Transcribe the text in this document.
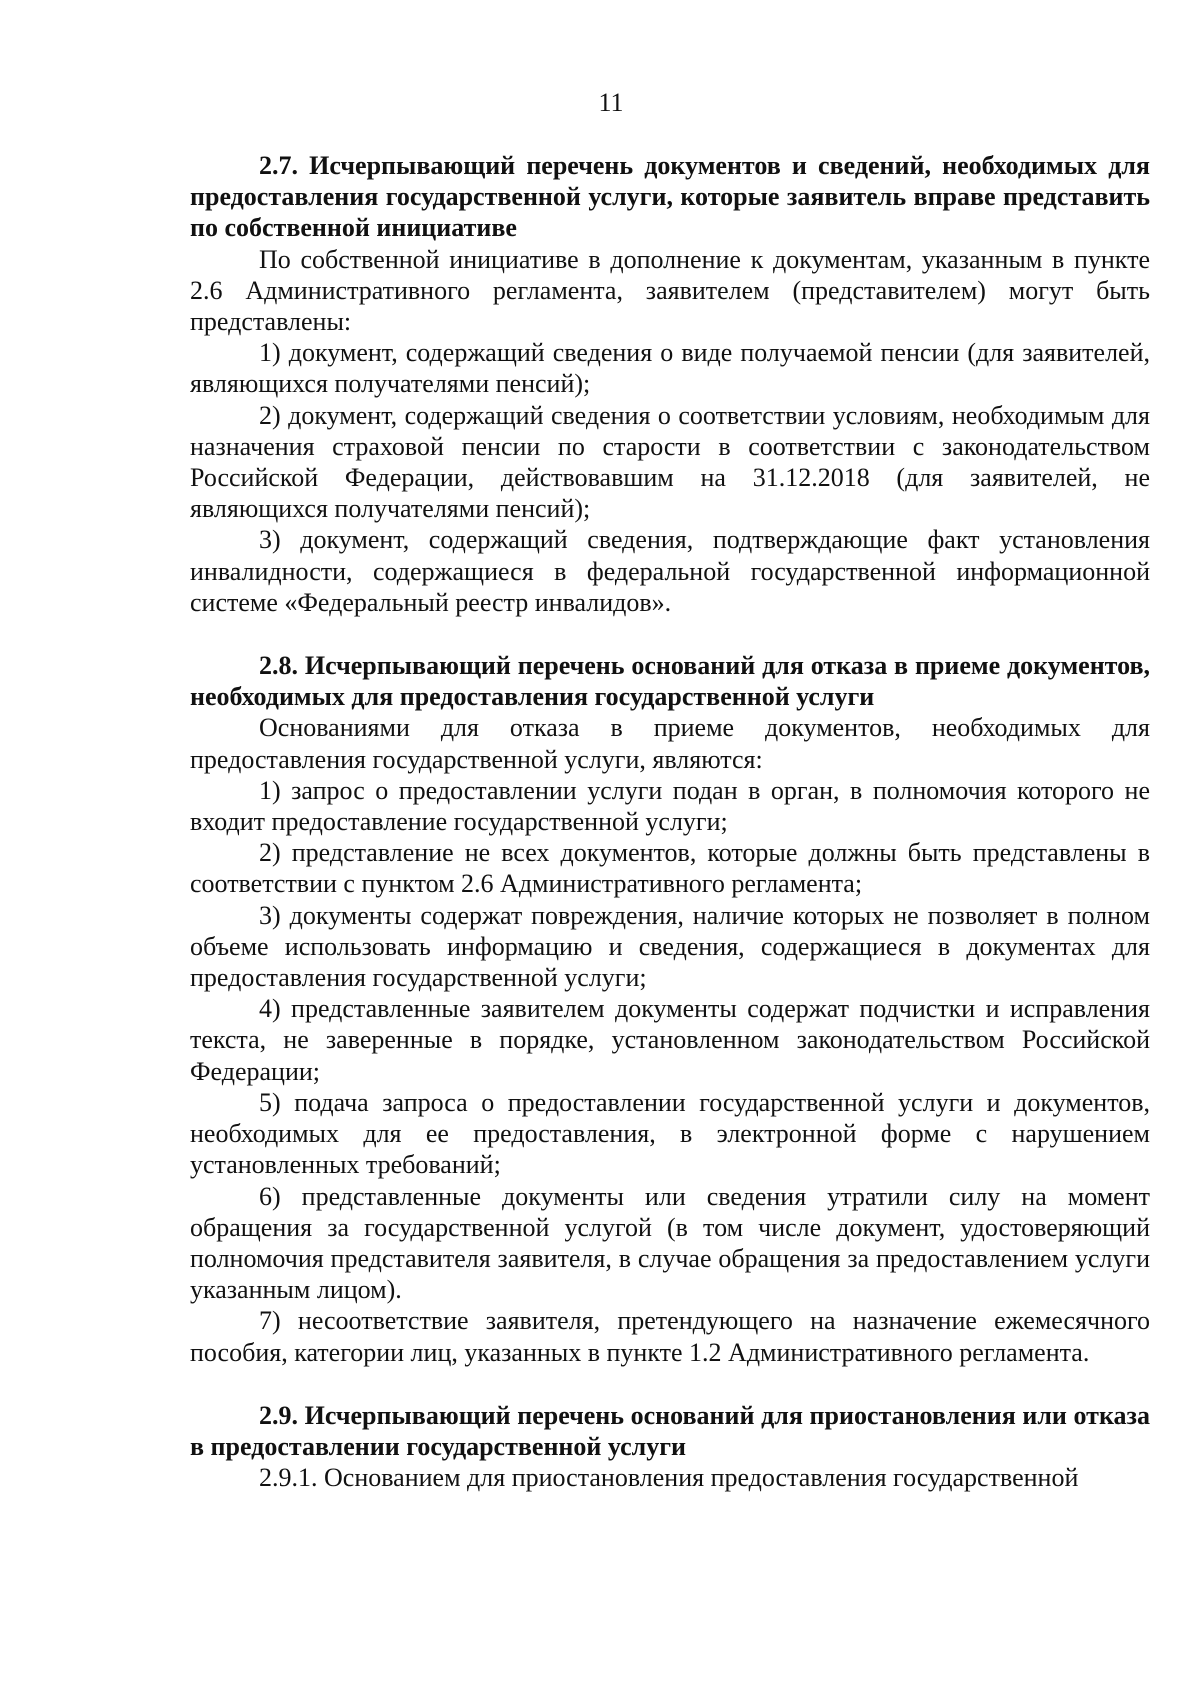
11

2.7. Исчерпывающий перечень документов и сведений, необходимых для предоставления государственной услуги, которые заявитель вправе представить по собственной инициативе

По собственной инициативе в дополнение к документам, указанным в пункте 2.6 Административного регламента, заявителем (представителем) могут быть представлены:

1) документ, содержащий сведения о виде получаемой пенсии (для заявителей, являющихся получателями пенсий);

2) документ, содержащий сведения о соответствии условиям, необходимым для назначения страховой пенсии по старости в соответствии с законодательством Российской Федерации, действовавшим на 31.12.2018 (для заявителей, не являющихся получателями пенсий);

3) документ, содержащий сведения, подтверждающие факт установления инвалидности, содержащиеся в федеральной государственной информационной системе «Федеральный реестр инвалидов».

2.8. Исчерпывающий перечень оснований для отказа в приеме документов, необходимых для предоставления государственной услуги

Основаниями для отказа в приеме документов, необходимых для предоставления государственной услуги, являются:

1) запрос о предоставлении услуги подан в орган, в полномочия которого не входит предоставление государственной услуги;

2) представление не всех документов, которые должны быть представлены в соответствии с пунктом 2.6 Административного регламента;

3) документы содержат повреждения, наличие которых не позволяет в полном объеме использовать информацию и сведения, содержащиеся в документах для предоставления государственной услуги;

4) представленные заявителем документы содержат подчистки и исправления текста, не заверенные в порядке, установленном законодательством Российской Федерации;

5) подача запроса о предоставлении государственной услуги и документов, необходимых для ее предоставления, в электронной форме с нарушением установленных требований;

6) представленные документы или сведения утратили силу на момент обращения за государственной услугой (в том числе документ, удостоверяющий полномочия представителя заявителя, в случае обращения за предоставлением услуги указанным лицом).

7) несоответствие заявителя, претендующего на назначение ежемесячного пособия, категории лиц, указанных в пункте 1.2 Административного регламента.

2.9. Исчерпывающий перечень оснований для приостановления или отказа в предоставлении государственной услуги

2.9.1. Основанием для приостановления предоставления государственной
